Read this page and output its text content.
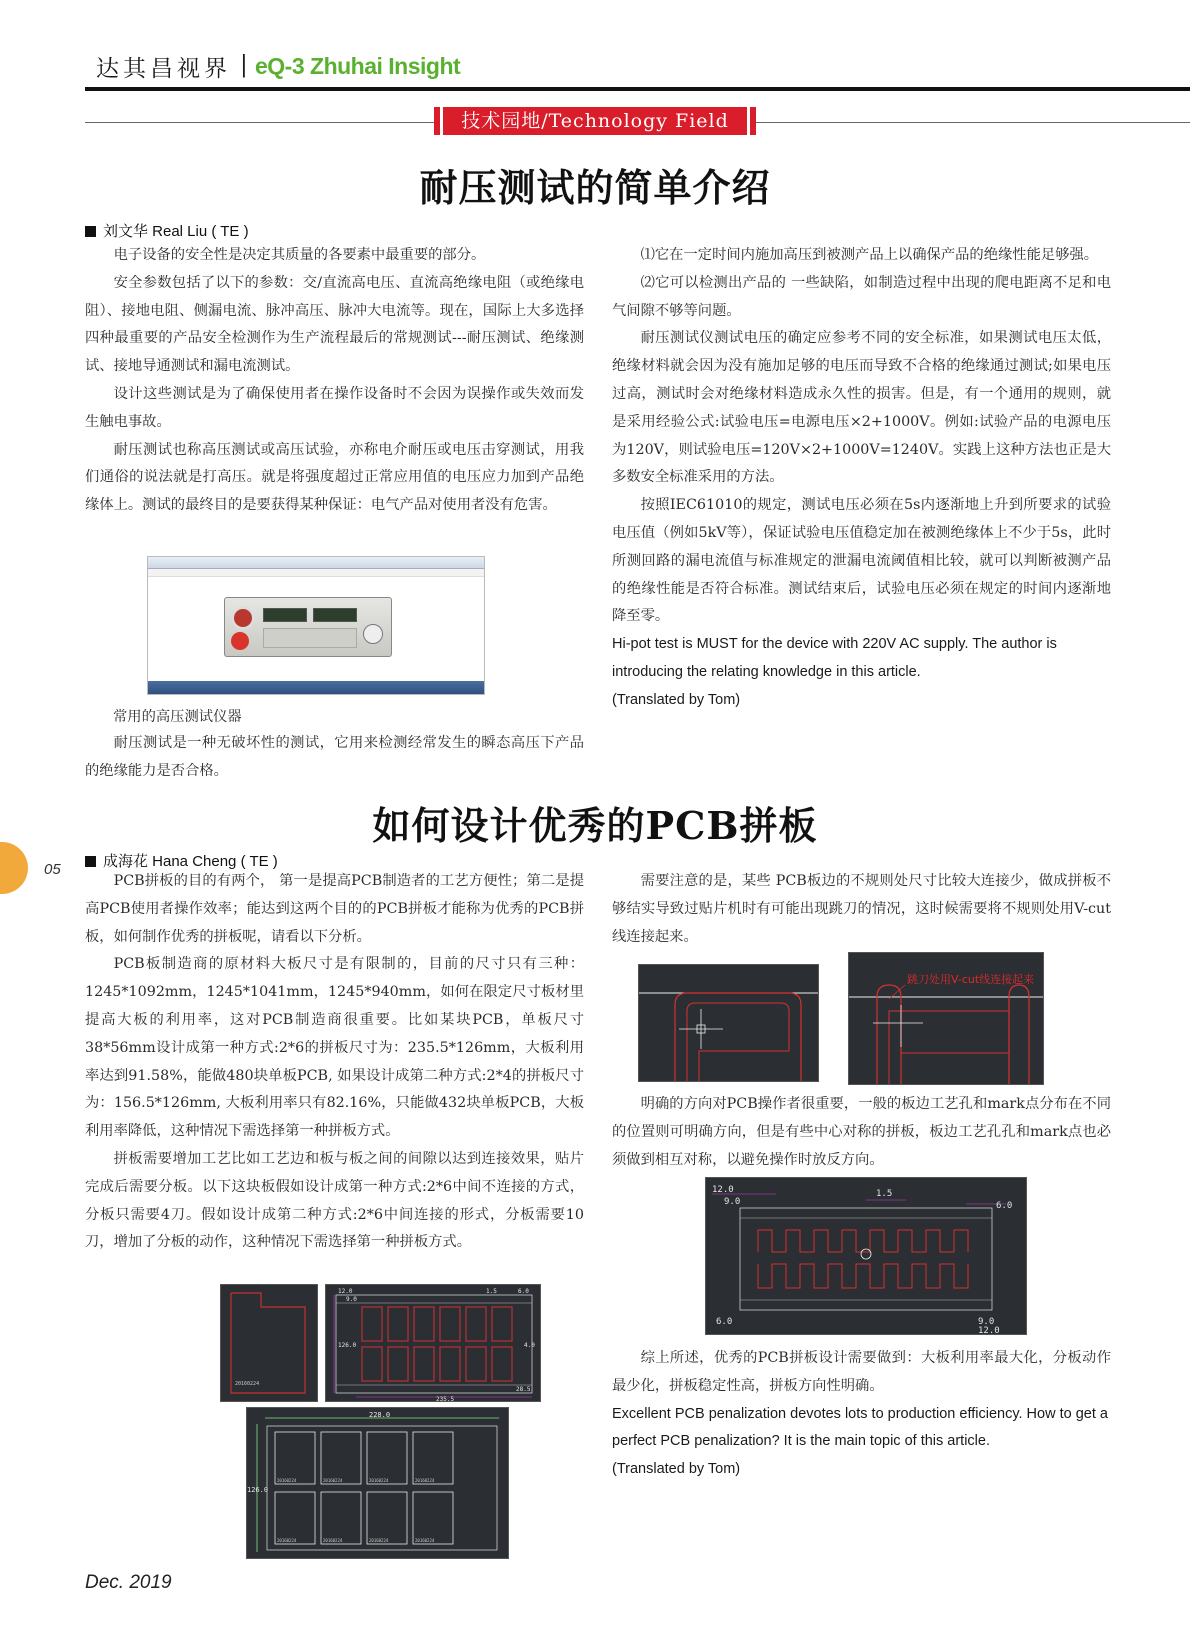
达其昌视界 | eQ-3 Zhuhai Insight
技术园地/Technology Field
耐压测试的简单介绍
刘文华 Real Liu ( TE )

电子设备的安全性是决定其质量的各要素中最重要的部分。

安全参数包括了以下的参数：交/直流高电压、直流高绝缘电阻（或绝缘电阻）、接地电阻、侧漏电流、脉冲高压、脉冲大电流等。现在，国际上大多选择四种最重要的产品安全检测作为生产流程最后的常规测试---耐压测试、绝缘测试、接地导通测试和漏电流测试。

设计这些测试是为了确保使用者在操作设备时不会因为误操作或失效而发生触电事故。

耐压测试也称高压测试或高压试验，亦称电介耐压或电压击穿测试，用我们通俗的说法就是打高压。就是将强度超过正常应用值的电压应力加到产品绝缘体上。测试的最终目的是要获得某种保证：电气产品对使用者没有危害。

常用的高压测试仪器

耐压测试是一种无破坏性的测试，它用来检测经常发生的瞬态高压下产品的绝缘能力是否合格。

⑴它在一定时间内施加高压到被测产品上以确保产品的绝缘性能足够强。

⑵它可以检测出产品的 一些缺陷，如制造过程中出现的爬电距离不足和电气间隙不够等问题。

耐压测试仪测试电压的确定应参考不同的安全标准，如果测试电压太低，绝缘材料就会因为没有施加足够的电压而导致不合格的绝缘通过测试;如果电压过高，测试时会对绝缘材料造成永久性的损害。但是，有一个通用的规则，就是采用经验公式:试验电压=电源电压×2+1000V。例如:试验产品的电源电压为120V，则试验电压=120V×2+1000V=1240V。实践上这种方法也正是大多数安全标准采用的方法。

按照IEC61010的规定，测试电压必须在5s内逐渐地上升到所要求的试验电压值（例如5kV等），保证试验电压值稳定加在被测绝缘体上不少于5s，此时所测回路的漏电流值与标准规定的泄漏电流阈值相比较，就可以判断被测产品的绝缘性能是否符合标准。测试结束后，试验电压必须在规定的时间内逐渐地降至零。

Hi-pot test is MUST for the device with 220V AC supply. The author is introducing the relating knowledge in this article.

(Translated by Tom)

如何设计优秀的PCB拼板
成海花 Hana Cheng ( TE )
05

PCB拼板的目的有两个， 第一是提高PCB制造者的工艺方便性；第二是提高PCB使用者操作效率；能达到这两个目的的PCB拼板才能称为优秀的PCB拼板，如何制作优秀的拼板呢，请看以下分析。

PCB板制造商的原材料大板尺寸是有限制的，目前的尺寸只有三种：1245*1092mm，1245*1041mm，1245*940mm，如何在限定尺寸板材里提高大板的利用率，这对PCB制造商很重要。比如某块PCB，单板尺寸38*56mm设计成第一种方式:2*6的拼板尺寸为：235.5*126mm，大板利用率达到91.58%，能做480块单板PCB, 如果设计成第二种方式:2*4的拼板尺寸为：156.5*126mm, 大板利用率只有82.16%，只能做432块单板PCB，大板利用率降低，这种情况下需选择第一种拼板方式。

拼板需要增加工艺比如工艺边和板与板之间的间隙以达到连接效果，贴片完成后需要分板。以下这块板假如设计成第一种方式:2*6中间不连接的方式，分板只需要4刀。假如设计成第二种方式:2*6中间连接的形式，分板需要10刀，增加了分板的动作，这种情况下需选择第一种拼板方式。

20160224
12.0
9.0
1.5	6.0
126.0
235.5
4.0
28.5
228.0
126.0
20160224	20160224	20160224	20160224
20160224	20160224	20160224	20160224

需要注意的是，某些 PCB板边的不规则处尺寸比较大连接少，做成拼板不够结实导致过贴片机时有可能出现跳刀的情况，这时候需要将不规则处用V-cut线连接起来。

跳刀处用V-cut线连接起来

明确的方向对PCB操作者很重要，一般的板边工艺孔和mark点分布在不同的位置则可明确方向，但是有些中心对称的拼板，板边工艺孔孔和mark点也必须做到相互对称，以避免操作时放反方向。

12.0
9.0
1.5
6.0
6.0	9.0
12.0

综上所述，优秀的PCB拼板设计需要做到：大板利用率最大化，分板动作最少化，拼板稳定性高，拼板方向性明确。

Excellent PCB penalization devotes lots to production efficiency. How to get a perfect PCB penalization? It is the main topic of this article.

(Translated by Tom)

Dec. 2019
